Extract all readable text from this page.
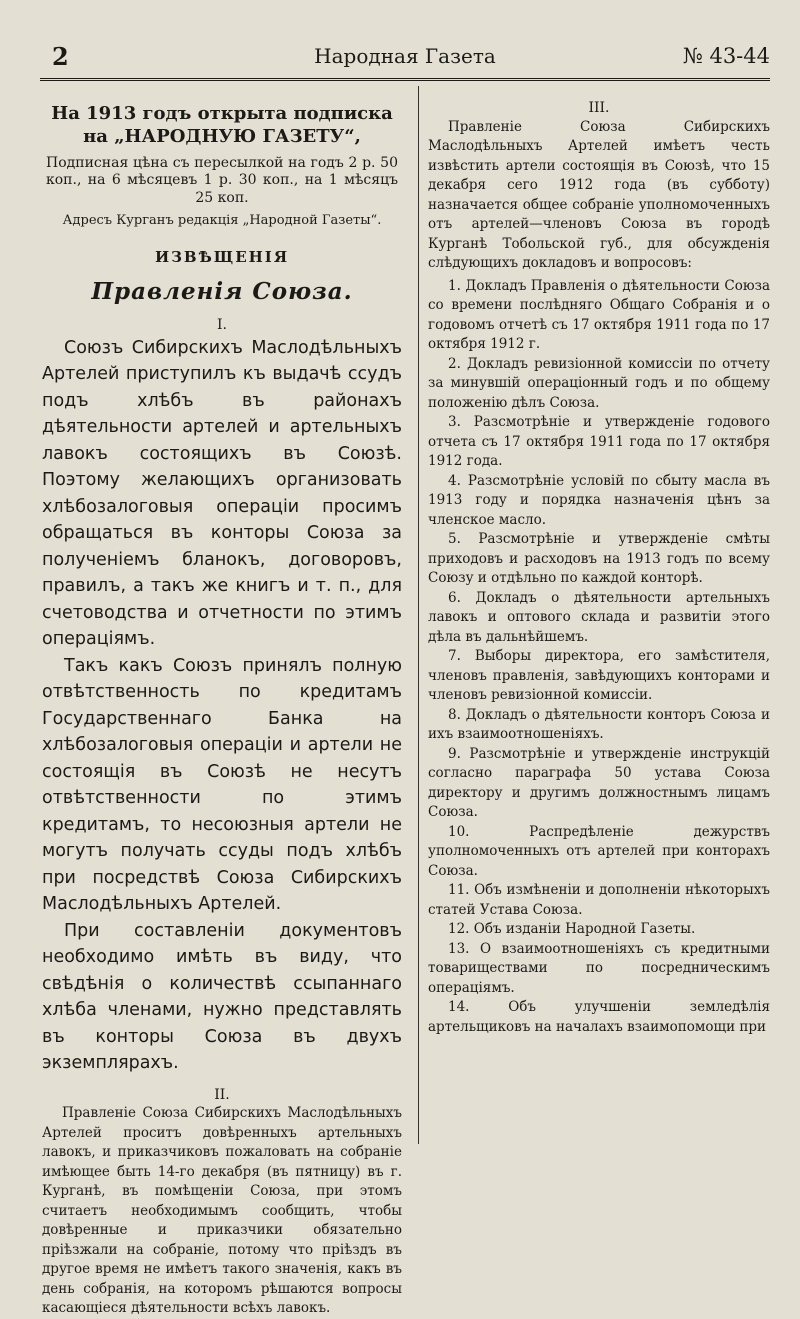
2	Народная Газета	№ 43-44
На 1913 годъ открыта подписка на „НАРОДНУЮ ГАЗЕТУ“,
Подписная цѣна съ пересылкой на годъ 2 р. 50 коп., на 6 мѣсяцевъ 1 р. 30 коп., на 1 мѣсяцъ 25 коп.
Адресъ Курганъ редакція „Народной Газеты“.
ИЗВѢЩЕНІЯ
Правленія Союза.
I.

Союзъ Сибирскихъ Маслодѣльныхъ Артелей приступилъ къ выдачѣ ссудъ подъ хлѣбъ въ районахъ дѣятельности артелей и артельныхъ лавокъ состоящихъ въ Союзѣ. Поэтому желающихъ организовать хлѣбозалоговыя операціи просимъ обращаться въ конторы Союза за полученіемъ бланокъ, договоровъ, правилъ, а такъ же книгъ и т. п., для счетоводства и отчетности по этимъ операціямъ.

Такъ какъ Союзъ принялъ полную отвѣтственность по кредитамъ Государственнаго Банка на хлѣбозалоговыя операціи и артели не состоящія въ Союзѣ не несутъ отвѣтственности по этимъ кредитамъ, то несоюзныя артели не могутъ получать ссуды подъ хлѣбъ при посредствѣ Союза Сибирскихъ Маслодѣльныхъ Артелей.

При составленіи документовъ необходимо имѣть въ виду, что свѣдѣнія о количествѣ ссыпаннаго хлѣба членами, нужно представлять въ конторы Союза въ двухъ экземплярахъ.

II.

Правленіе Союза Сибирскихъ Маслодѣльныхъ Артелей проситъ довѣренныхъ артельныхъ лавокъ, и приказчиковъ пожаловать на собраніе имѣющее быть 14-го декабря (въ пятницу) въ г. Курганѣ, въ помѣщеніи Союза, при этомъ считаетъ необходимымъ сообщить, чтобы довѣренные и приказчики обязательно пріѣзжали на собраніе, потому что пріѣздъ въ другое время не имѣетъ такого значенія, какъ въ день собранія, на которомъ рѣшаются вопросы касающіеся дѣятельности всѣхъ лавокъ.

III.

Правленіе Союза Сибирскихъ Маслодѣльныхъ Артелей имѣетъ честь извѣстить артели состоящія въ Союзѣ, что 15 декабря сего 1912 года (въ субботу) назначается общее собраніе уполномоченныхъ отъ артелей—членовъ Союза въ городѣ Курганѣ Тобольской губ., для обсужденія слѣдующихъ докладовъ и вопросовъ:

1. Докладъ Правленія о дѣятельности Союза со времени послѣдняго Общаго Собранія и о годовомъ отчетѣ съ 17 октября 1911 года по 17 октября 1912 г.

2. Докладъ ревизіонной комиссіи по отчету за минувшій операціонный годъ и по общему положенію дѣлъ Союза.

3. Разсмотрѣніе и утвержденіе годового отчета съ 17 октября 1911 года по 17 октября 1912 года.

4. Разсмотрѣніе условій по сбыту масла въ 1913 году и порядка назначенія цѣнъ за членское масло.

5. Разсмотрѣніе и утвержденіе смѣты приходовъ и расходовъ на 1913 годъ по всему Союзу и отдѣльно по каждой конторѣ.

6. Докладъ о дѣятельности артельныхъ лавокъ и оптового склада и развитіи этого дѣла въ дальнѣйшемъ.

7. Выборы директора, его замѣстителя, членовъ правленія, завѣдующихъ конторами и членовъ ревизіонной комиссіи.

8. Докладъ о дѣятельности конторъ Союза и ихъ взаимоотношеніяхъ.

9. Разсмотрѣніе и утвержденіе инструкцій согласно параграфа 50 устава Союза директору и другимъ должностнымъ лицамъ Союза.

10. Распредѣленіе дежурствъ уполномоченныхъ отъ артелей при конторахъ Союза.

11. Объ измѣненіи и дополненіи нѣкоторыхъ статей Устава Союза.

12. Объ изданіи Народной Газеты.

13. О взаимоотношеніяхъ съ кредитными товариществами по посредническимъ операціямъ.

14. Объ улучшеніи земледѣлія артельщиковъ на началахъ взаимопомощи при
